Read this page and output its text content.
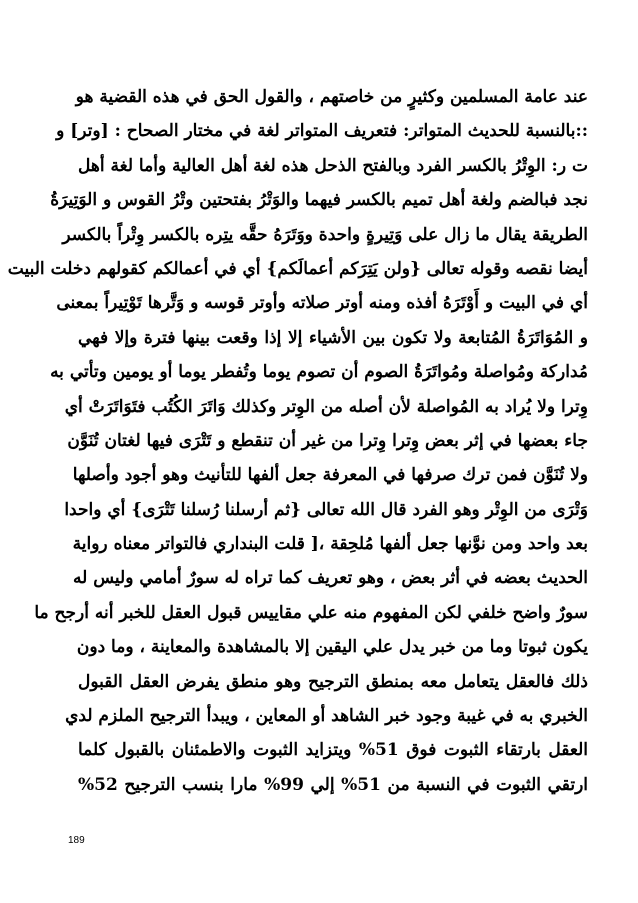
عند عامة المسلمين وكثيرٍ من خاصتهم ، والقول الحق في هذه القضية هو
::بالنسبة للحديث المتواتر: فتعريف المتواتر لغة في مختار الصحاح : [وتر] و
ت ر: الوِتْرُ بالكسر الفرد وبالفتح الذحل هذه لغة أهل العالية وأما لغة أهل
نجد فبالضم ولغة أهل تميم بالكسر فيهما والوَتْرُ بفتحتين وتْرُ القوس و الوَتِيرَةُ
الطريقة يقال ما زال على وَتِيرةٍ واحدة ووَتَرَهُ حقَّه يتِره بالكسر وِتْراً بالكسر
أيضا نقصه وقوله تعالى {ولن يَتِرَكم أعمالَكم} أي في أعمالكم كقولهم دخلت البيت
أي في البيت و أَوْتَرَهُ أفذه ومنه أوتر صلاته وأوتر قوسه و وَتَّرها تَوْتِيراً بمعنى
و المُوَاتَرَةُ المُتابعة ولا تكون بين الأشياء إلا إذا وقعت بينها فترة وإلا فهي
مُداركة ومُواصلة ومُواتَرَةُ الصوم أن تصوم يوما وتُفطر يوما أو يومين وتأتي به
وِترا ولا يُراد به المُواصلة لأن أصله من الوِتر وكذلك وَاتَرَ الكُتُب فتَوَاتَرَتْ أي
جاء بعضها في إثر بعض وِترا وِترا من غير أن تنقطع و تَتْرَى فيها لغتان تُنَوَّن
ولا تُنَوَّن فمن ترك صرفها في المعرفة جعل ألفها للتأنيث وهو أجود وأصلها
وَتْرَى من الوِتْر وهو الفرد قال الله تعالى {ثم أرسلنا رُسلنا تَتْرَى} أي واحدا
بعد واحد ومن نوَّنها جعل ألفها مُلحِقة ،[ قلت البنداري فالتواتر معناه رواية
الحديث بعضه في أثر بعض ، وهو تعريف كما تراه له سورٌ أمامي وليس له
سورٌ واضح خلفي لكن المفهوم منه علي مقاييس قبول العقل للخبر أنه أرجح ما
يكون ثبوتا وما من خبر يدل علي اليقين إلا بالمشاهدة والمعاينة ، وما دون
ذلك فالعقل يتعامل معه بمنطق الترجيح وهو منطق يفرض العقل القبول
الخبري به في غيبة وجود خبر الشاهد أو المعاين ، ويبدأ الترجيح الملزم لدي
العقل بارتقاء الثبوت فوق 51% ويتزايد الثبوت والاطمئنان بالقبول كلما
ارتقي الثبوت في النسبة من 51% إلي 99% مارا بنسب الترجيح 52%
189
